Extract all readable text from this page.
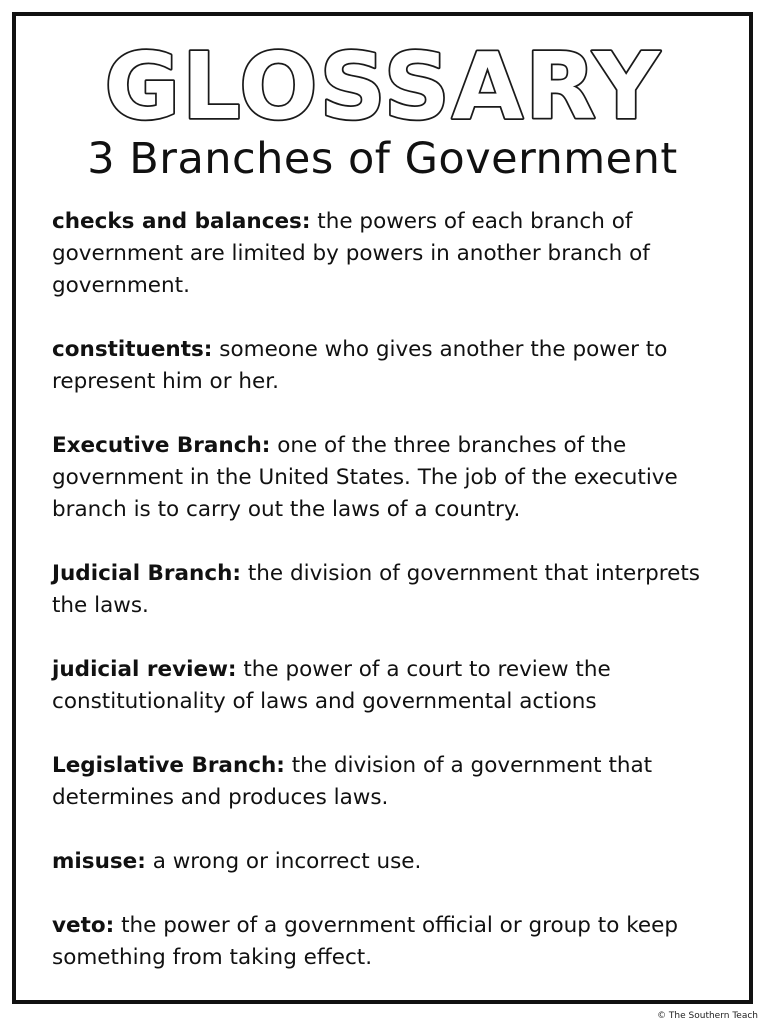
GLOSSARY
3 Branches of Government

checks and balances: the powers of each branch of government are limited by powers in another branch of government.

constituents: someone who gives another the power to represent him or her.

Executive Branch: one of the three branches of the government in the United States. The job of the executive branch is to carry out the laws of a country.

Judicial Branch: the division of government that interprets the laws.

judicial review: the power of a court to review the constitutionality of laws and governmental actions

Legislative Branch: the division of a government that determines and produces laws.

misuse: a wrong or incorrect use.

veto: the power of a government official or group to keep something from taking effect.

© The Southern Teach
